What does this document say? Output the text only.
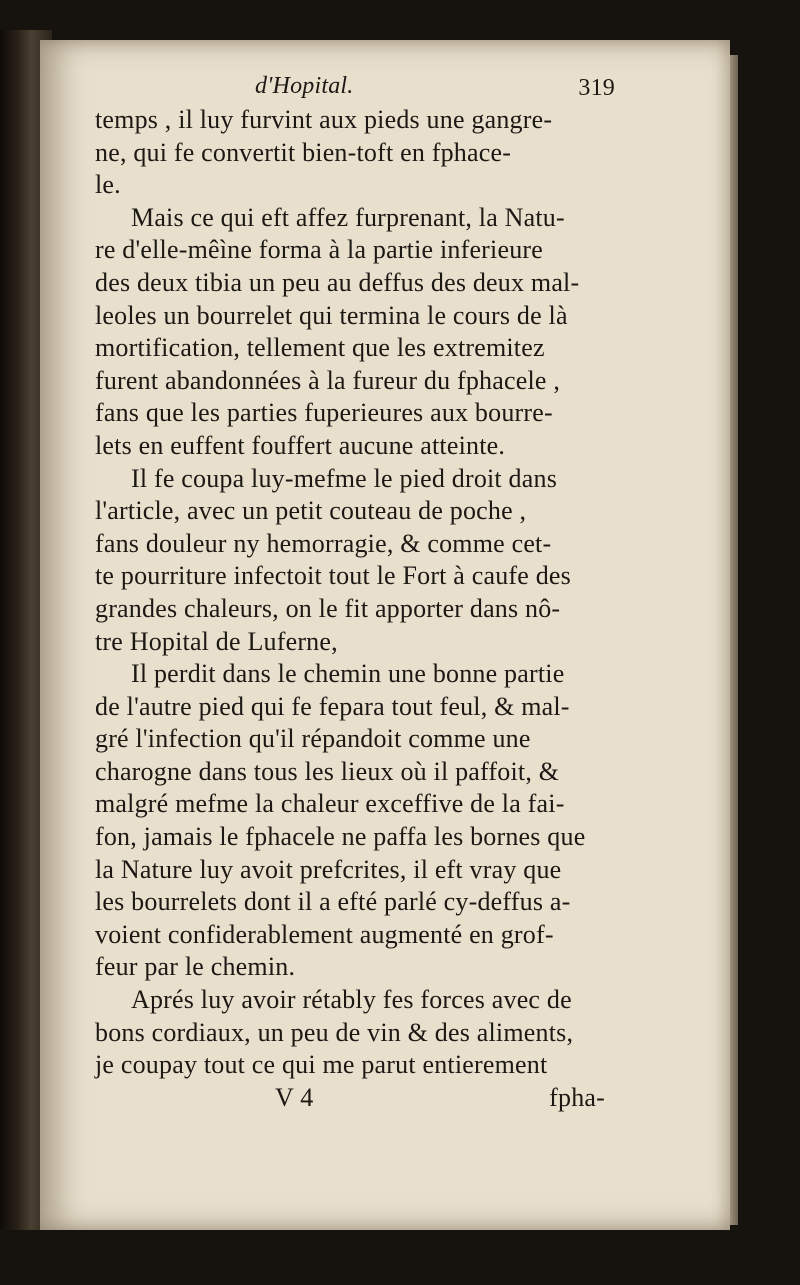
d'Hopital.	319
temps , il luy furvint aux pieds une gangre-
ne, qui fe convertit bien-toft en fphace-
le.
Mais ce qui eft affez furprenant, la Natu-
re d'elle-mêìne forma à la partie inferieure
des deux tibia un peu au deffus des deux mal-
leoles un bourrelet qui termina le cours de là
mortification, tellement que les extremitez
furent abandonnées à la fureur du fphacele ,
fans que les parties fuperieures aux bourre-
lets en euffent fouffert aucune atteinte.
Il fe coupa luy-mefme le pied droit dans
l'article, avec un petit couteau de poche ,
fans douleur ny hemorragie, & comme cet-
te pourriture infectoit tout le Fort à caufe des
grandes chaleurs, on le fit apporter dans nô-
tre Hopital de Luferne,
Il perdit dans le chemin une bonne partie
de l'autre pied qui fe fepara tout feul, & mal-
gré l'infection qu'il répandoit comme une
charogne dans tous les lieux où il paffoit, &
malgré mefme la chaleur exceffive de la fai-
fon, jamais le fphacele ne paffa les bornes que
la Nature luy avoit prefcrites, il eft vray que
les bourrelets dont il a efté parlé cy-deffus a-
voient confiderablement augmenté en grof-
feur par le chemin.
Aprés luy avoir rétably fes forces avec de
bons cordiaux, un peu de vin & des aliments,
je coupay tout ce qui me parut entierement
V 4	fpha-
